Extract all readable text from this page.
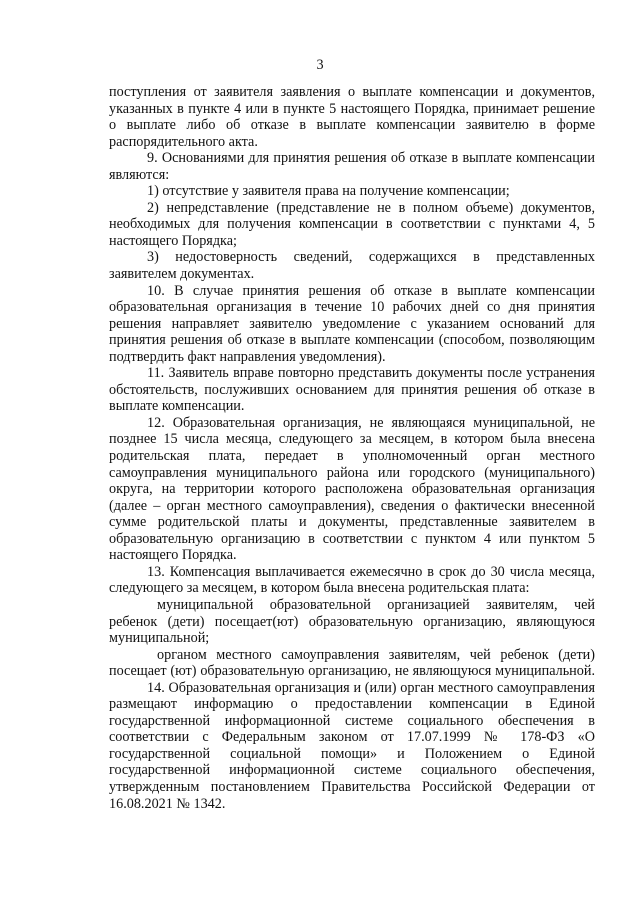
3

поступления от заявителя заявления о выплате компенсации и документов, указанных в пункте 4 или в пункте 5 настоящего Порядка, принимает решение о выплате либо об отказе в выплате компенсации заявителю в форме распорядительного акта.

9. Основаниями для принятия решения об отказе в выплате компенсации являются:

1) отсутствие у заявителя права на получение компенсации;

2) непредставление (представление не в полном объеме) документов, необходимых для получения компенсации в соответствии с пунктами 4, 5 настоящего Порядка;

3) недостоверность сведений, содержащихся в представленных заявителем документах.

10. В случае принятия решения об отказе в выплате компенсации образовательная организация в течение 10 рабочих дней со дня принятия решения направляет заявителю уведомление с указанием оснований для принятия решения об отказе в выплате компенсации (способом, позволяющим подтвердить факт направления уведомления).

11. Заявитель вправе повторно представить документы после устранения обстоятельств, послуживших основанием для принятия решения об отказе в выплате компенсации.

12. Образовательная организация, не являющаяся муниципальной, не позднее 15 числа месяца, следующего за месяцем, в котором была внесена родительская плата, передает в уполномоченный орган местного самоуправления муниципального района или городского (муниципального) округа, на территории которого расположена образовательная организация (далее – орган местного самоуправления), сведения о фактически внесенной сумме родительской платы и документы, представленные заявителем в образовательную организацию в соответствии с пунктом 4 или пунктом 5 настоящего Порядка.

13. Компенсация выплачивается ежемесячно в срок до 30 числа месяца, следующего за месяцем, в котором была внесена родительская плата:

муниципальной образовательной организацией заявителям, чей ребенок (дети) посещает(ют) образовательную организацию, являющуюся муниципальной;

органом местного самоуправления заявителям, чей ребенок (дети) посещает (ют) образовательную организацию, не являющуюся муниципальной.

14. Образовательная организация и (или) орган местного самоуправления размещают информацию о предоставлении компенсации в Единой государственной информационной системе социального обеспечения в соответствии с Федеральным законом от 17.07.1999 № 178-ФЗ «О государственной социальной помощи» и Положением о Единой государственной информационной системе социального обеспечения, утвержденным постановлением Правительства Российской Федерации от 16.08.2021 № 1342.
